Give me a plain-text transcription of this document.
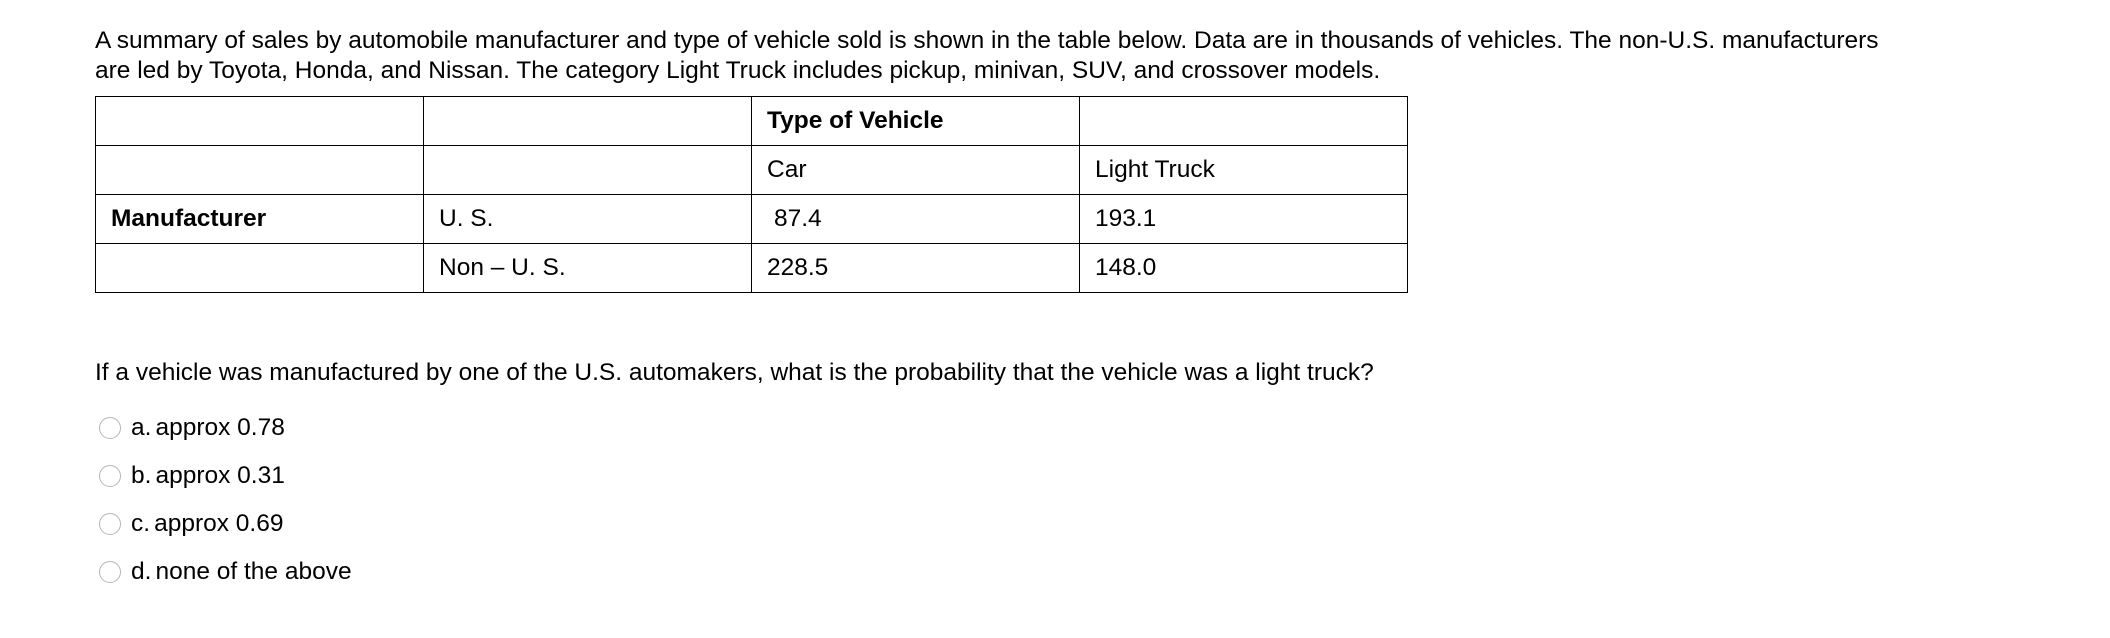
A summary of sales by automobile manufacturer and type of vehicle sold is shown in the table below. Data are in thousands of vehicles. The non-U.S. manufacturers
are led by Toyota, Honda, and Nissan. The category Light Truck includes pickup, minivan, SUV, and crossover models.

		Type of Vehicle	
		Car	Light Truck
Manufacturer	U. S.	87.4	193.1
	Non – U. S.	228.5	148.0

If a vehicle was manufactured by one of the U.S. automakers, what is the probability that the vehicle was a light truck?

a. approx 0.78
b. approx 0.31
c. approx 0.69
d. none of the above
